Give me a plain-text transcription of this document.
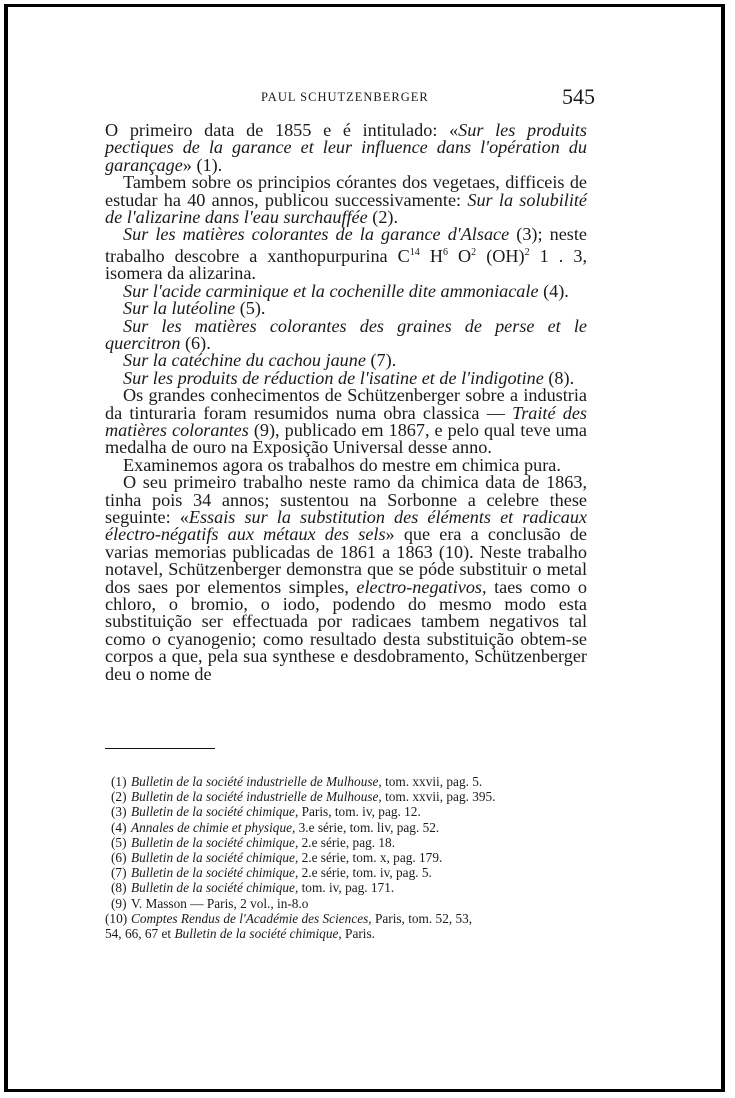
PAUL SCHUTZENBERGER	545

O primeiro data de 1855 e é intitulado: «Sur les produits pectiques de la garance et leur influence dans l'opération du garançage» (1).

Tambem sobre os principios córantes dos vegetaes, difficeis de estudar ha 40 annos, publicou successivamente: Sur la solubilité de l'alizarine dans l'eau surchauffée (2).

Sur les matières colorantes de la garance d'Alsace (3); neste trabalho descobre a xanthopurpurina $C^{14}$ $H^6$ $O^2$ (OH)$^2$ 1 . 3, isomera da alizarina.

Sur l'acide carminique et la cochenille dite ammoniacale (4).

Sur la lutéoline (5).

Sur les matières colorantes des graines de perse et le quercitron (6).

Sur la catéchine du cachou jaune (7).

Sur les produits de réduction de l'isatine et de l'indigotine (8).

Os grandes conhecimentos de Schützenberger sobre a industria da tinturaria foram resumidos numa obra classica — Traité des matières colorantes (9), publicado em 1867, e pelo qual teve uma medalha de ouro na Exposição Universal desse anno.

Examinemos agora os trabalhos do mestre em chimica pura.

O seu primeiro trabalho neste ramo da chimica data de 1863, tinha pois 34 annos; sustentou na Sorbonne a celebre these seguinte: «Essais sur la substitution des éléments et radicaux électro-négatifs aux métaux des sels» que era a conclusão de varias memorias publicadas de 1861 a 1863 (10). Neste trabalho notavel, Schützenberger demonstra que se póde substituir o metal dos saes por elementos simples, electro-negativos, taes como o chloro, o bromio, o iodo, podendo do mesmo modo esta substituição ser effectuada por radicaes tambem negativos tal como o cyanogenio; como resultado desta substituição obtem-se corpos a que, pela sua synthese e desdobramento, Schützenberger deu o nome de

(1) Bulletin de la société industrielle de Mulhouse, tom. xxvii, pag. 5.
(2) Bulletin de la société industrielle de Mulhouse, tom. xxvii, pag. 395.
(3) Bulletin de la société chimique, Paris, tom. iv, pag. 12.
(4) Annales de chimie et physique, 3.e série, tom. liv, pag. 52.
(5) Bulletin de la société chimique, 2.e série, pag. 18.
(6) Bulletin de la société chimique, 2.e série, tom. x, pag. 179.
(7) Bulletin de la société chimique, 2.e série, tom. iv, pag. 5.
(8) Bulletin de la société chimique, tom. iv, pag. 171.
(9) V. Masson — Paris, 2 vol., in-8.o
(10) Comptes Rendus de l'Académie des Sciences, Paris, tom. 52, 53,
54, 66, 67 et Bulletin de la société chimique, Paris.
